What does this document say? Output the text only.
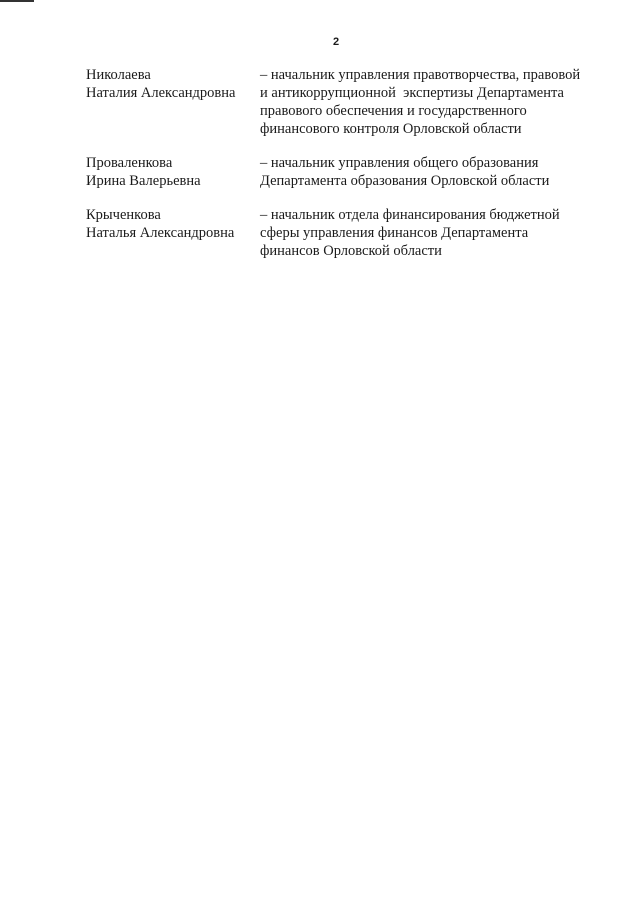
2
Николаева
Наталия Александровна
– начальник управления правотворчества, правовой
и антикоррупционной  экспертизы Департамента
правового обеспечения и государственного
финансового контроля Орловской области
Проваленкова
Ирина Валерьевна
– начальник управления общего образования
Департамента образования Орловской области
Крыченкова
Наталья Александровна
– начальник отдела финансирования бюджетной
сферы управления финансов Департамента
финансов Орловской области
